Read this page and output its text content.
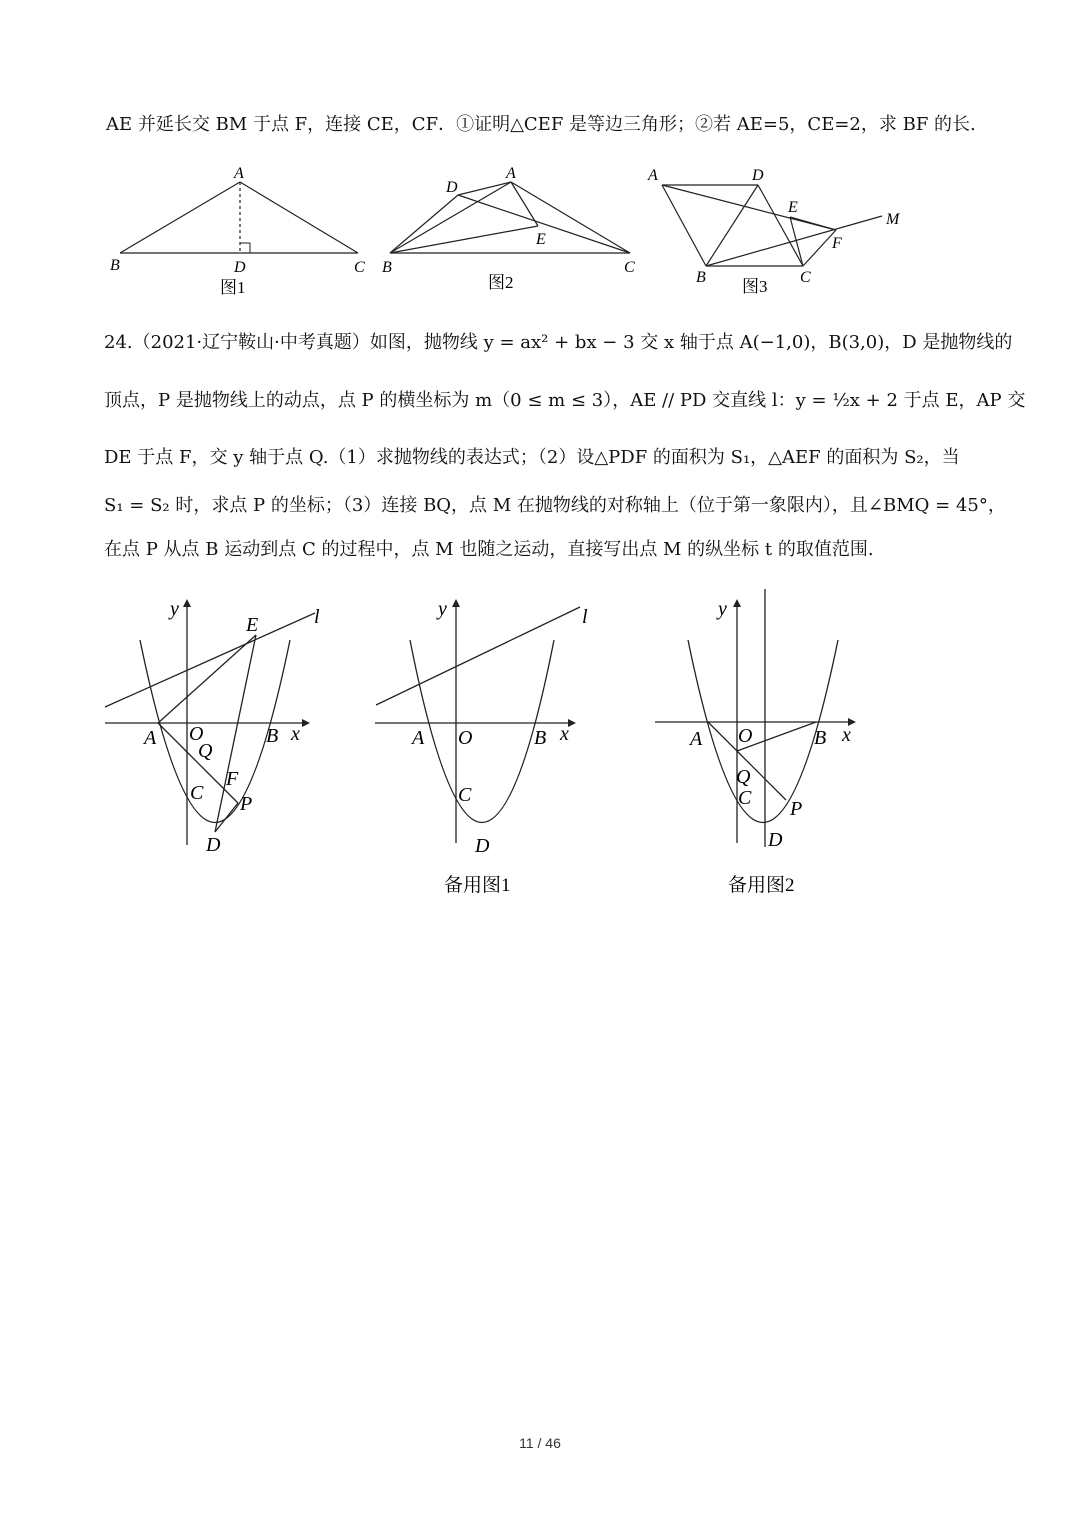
AE 并延长交 BM 于点 F，连接 CE，CF．①证明△CEF 是等边三角形；②若 AE=5，CE=2，求 BF 的长.
A
B	D	C
图1
D
A
E
B	C
图2
A	D
E
M
F
B	C
图3
24.（2021·辽宁鞍山·中考真题）如图，抛物线 y = ax² + bx − 3 交 x 轴于点 A(−1,0)，B(3,0)，D 是抛物线的
顶点，P 是抛物线上的动点，点 P 的横坐标为 m（0 ≤ m ≤ 3），AE // PD 交直线 l：y = ½x + 2 于点 E，AP 交
DE 于点 F，交 y 轴于点 Q.（1）求抛物线的表达式；（2）设△PDF 的面积为 S₁，△AEF 的面积为 S₂，当
S₁ = S₂ 时，求点 P 的坐标；（3）连接 BQ，点 M 在抛物线的对称轴上（位于第一象限内），且∠BMQ = 45°，
在点 P 从点 B 运动到点 C 的过程中，点 M 也随之运动，直接写出点 M 的纵坐标 t 的取值范围.
y
E	l
A O
Q
B x
F
C P
D
y	l
A O	B x
C
D
备用图1
y
A O	B x
Q
C P
D
备用图2
11 / 46
